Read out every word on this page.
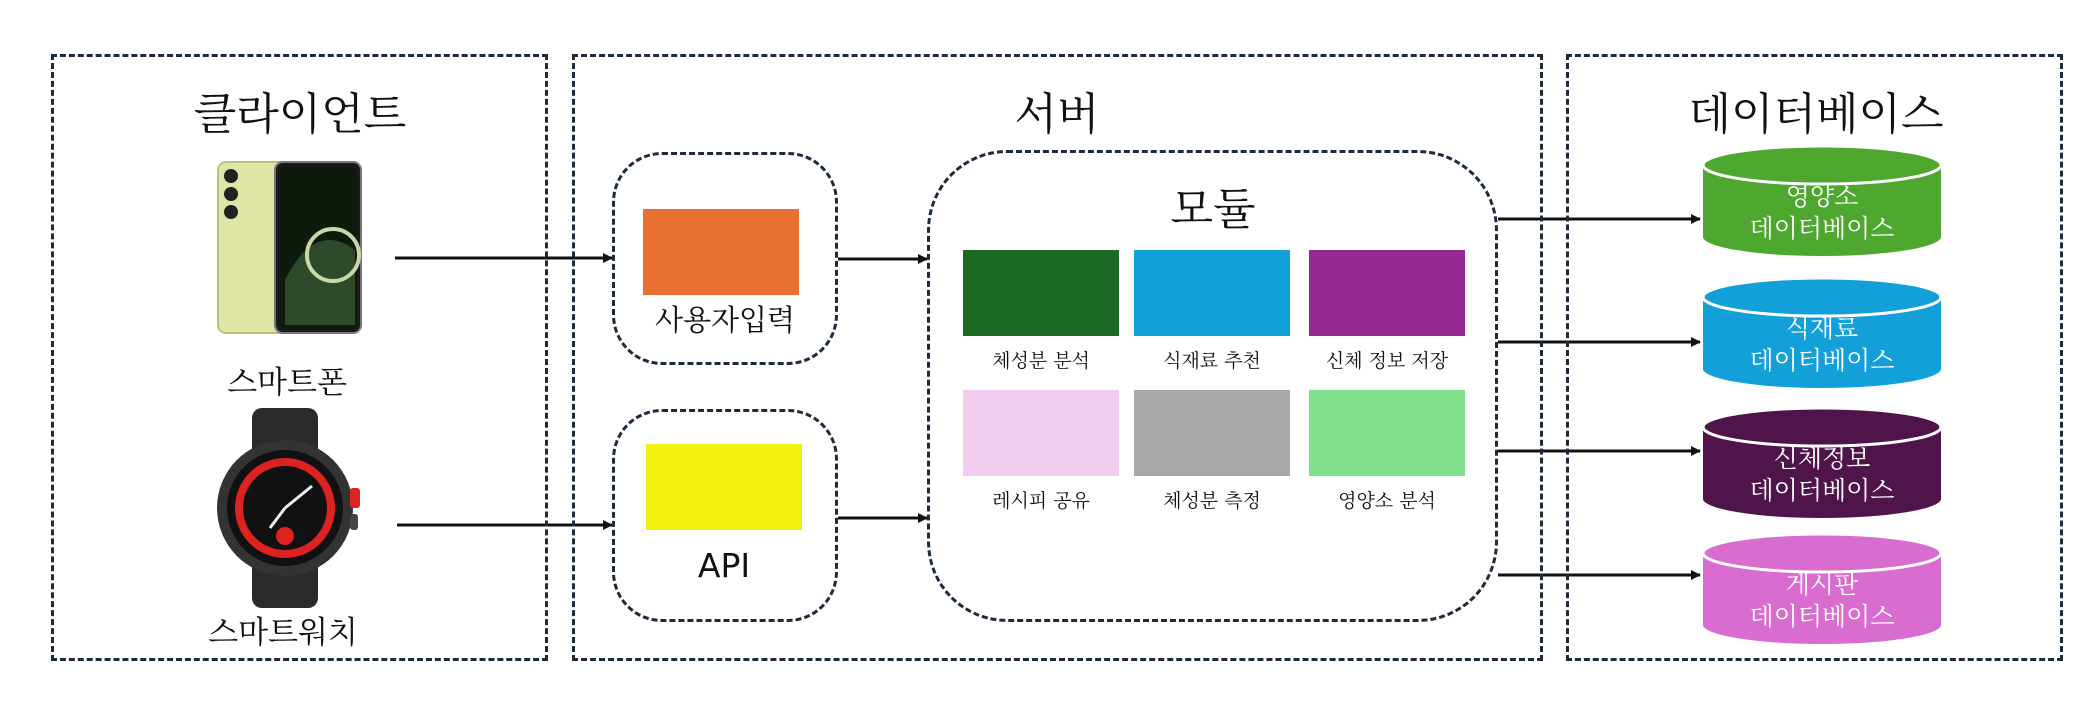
클라이언트
스마트폰
스마트워치
서버
사용자입력
API
모듈
체성분 분석	식재료 추천	신체 정보 저장
레시피 공유	체성분 측정	영양소 분석
데이터베이스
영양소
데이터베이스
식재료
데이터베이스
신체정보
데이터베이스
게시판
데이터베이스
